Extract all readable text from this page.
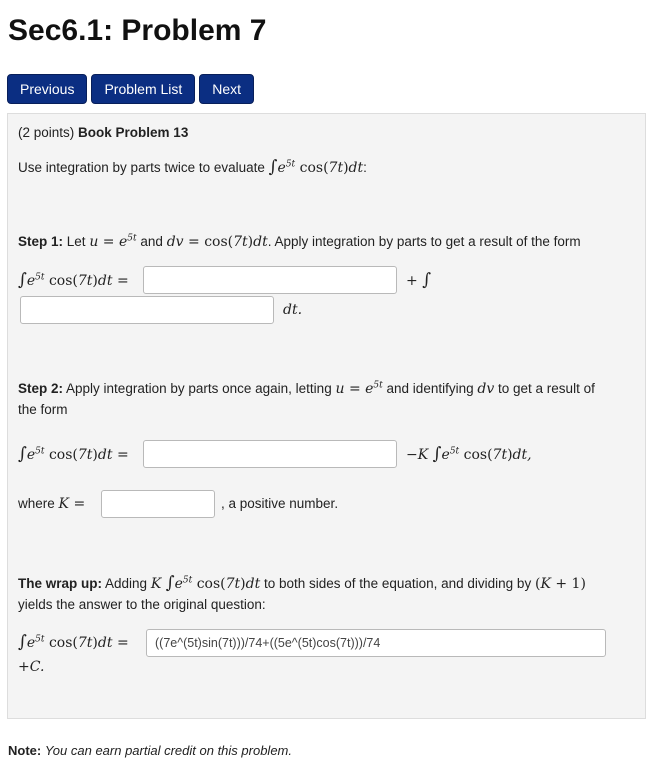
Sec6.1: Problem 7
Previous	Problem List	Next
(2 points) Book Problem 13
Use integration by parts twice to evaluate $\int e^{5t}$ cos(7t)dt:
Step 1: Let $u = e^{5t}$ and dv = cos(7t)dt. Apply integration by parts to get a result of the form
$\int e^{5t}$ cos(7t)dt =	+ ∫
dt.
Step 2: Apply integration by parts once again, letting $u = e^{5t}$ and identifying dv to get a result of
the form
$\int e^{5t}$ cos(7t)dt =	−K $\int e^{5t}$ cos(7t)dt,
where K =	, a positive number.
The wrap up: Adding K $\int e^{5t}$ cos(7t)dt to both sides of the equation, and dividing by (K + 1)
yields the answer to the original question:
$\int e^{5t}$ cos(7t)dt =
((7e^(5t)sin(7t)))/74+((5e^(5t)cos(7t)))/74
+C.
Note: You can earn partial credit on this problem.
